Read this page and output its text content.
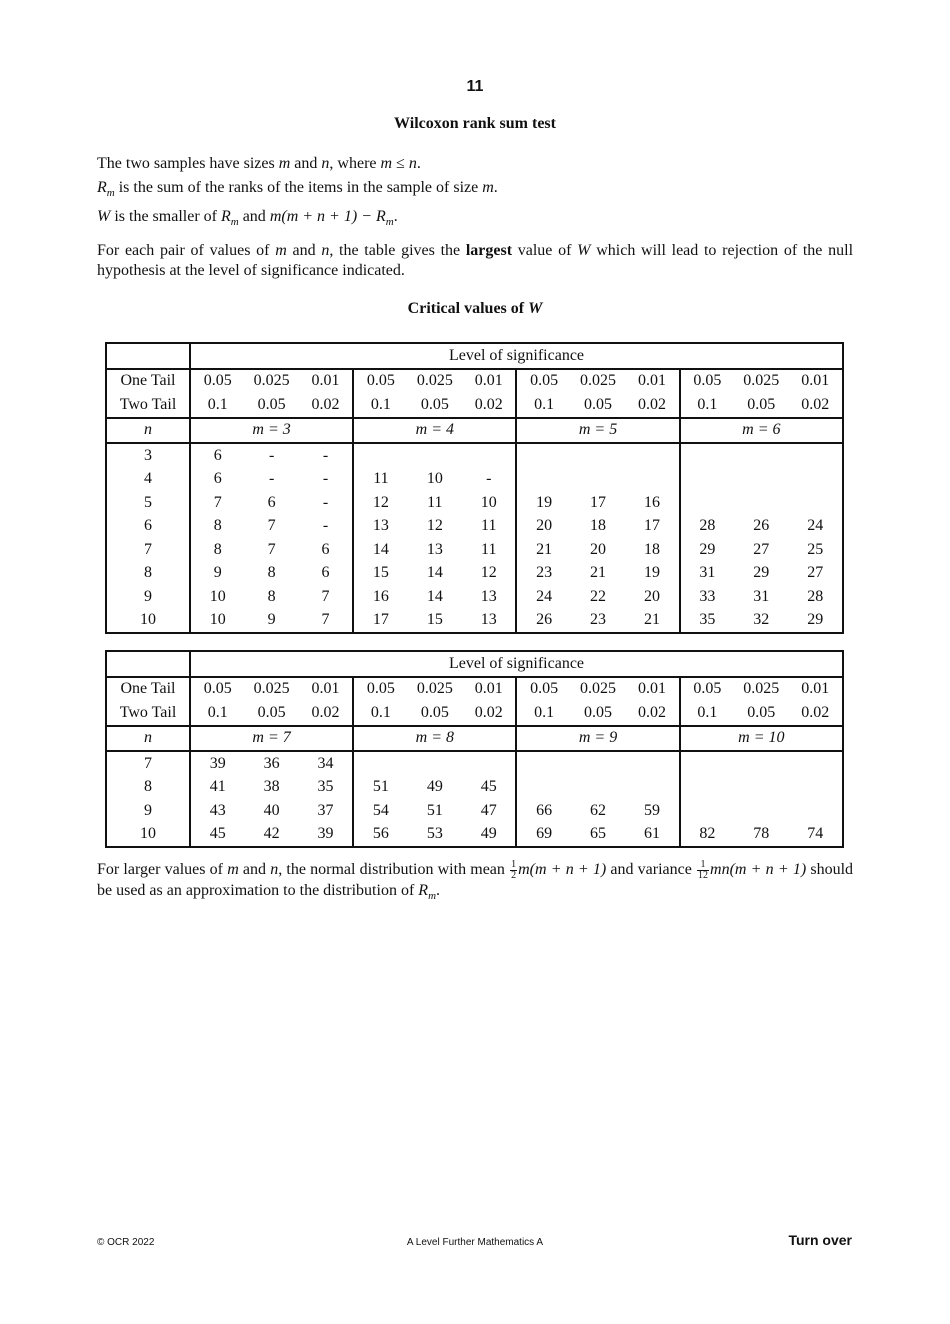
11
Wilcoxon rank sum test
The two samples have sizes m and n, where m ≤ n.
$R_m$ is the sum of the ranks of the items in the sample of size m.
W is the smaller of $R_m$ and $m(m + n + 1) - R_m$.
For each pair of values of m and n, the table gives the largest value of W which will lead to rejection of the null hypothesis at the level of significance indicated.
Critical values of W
	Level of significance											
One Tail	0.05	0.025	0.01	0.05	0.025	0.01	0.05	0.025	0.01	0.05	0.025	0.01
Two Tail	0.1	0.05	0.02	0.1	0.05	0.02	0.1	0.05	0.02	0.1	0.05	0.02
n	m = 3			m = 4			m = 5			m = 6		
3	6	-	-									
4	6	-	-	11	10	-						
5	7	6	-	12	11	10	19	17	16			
6	8	7	-	13	12	11	20	18	17	28	26	24
7	8	7	6	14	13	11	21	20	18	29	27	25
8	9	8	6	15	14	12	23	21	19	31	29	27
9	10	8	7	16	14	13	24	22	20	33	31	28
10	10	9	7	17	15	13	26	23	21	35	32	29
	Level of significance											
One Tail	0.05	0.025	0.01	0.05	0.025	0.01	0.05	0.025	0.01	0.05	0.025	0.01
Two Tail	0.1	0.05	0.02	0.1	0.05	0.02	0.1	0.05	0.02	0.1	0.05	0.02
n	m = 7			m = 8			m = 9			m = 10		
7	39	36	34									
8	41	38	35	51	49	45						
9	43	40	37	54	51	47	66	62	59			
10	45	42	39	56	53	49	69	65	61	82	78	74
For larger values of m and n, the normal distribution with mean $\frac{1}{2} m(m + n + 1)$ and variance $\frac{1}{12} mn(m + n + 1)$ should be used as an approximation to the distribution of $R_m$.
© OCR 2022	A Level Further Mathematics A	Turn over
